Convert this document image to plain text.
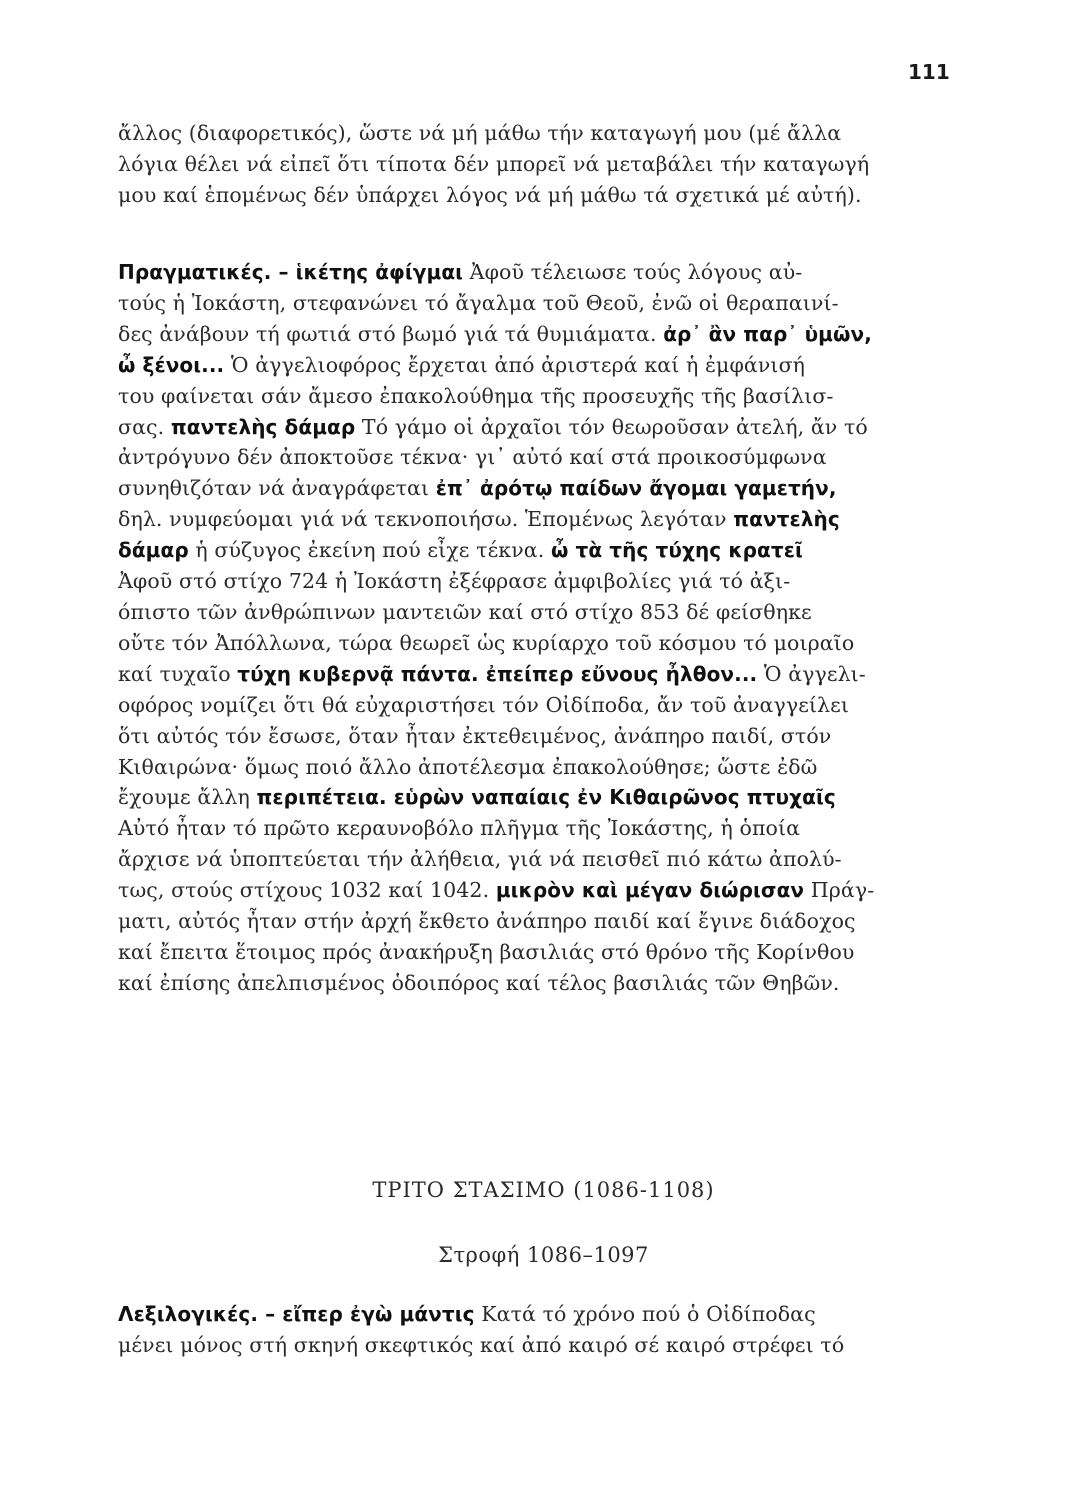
111
ἄλλος (διαφορετικός), ὥστε νά μή μάθω τήν καταγωγή μου (μέ ἄλλα
λόγια θέλει νά εἰπεῖ ὅτι τίποτα δέν μπορεῖ νά μεταβάλει τήν καταγωγή
μου καί ἑπομένως δέν ὑπάρχει λόγος νά μή μάθω τά σχετικά μέ αὐτή).
Πραγματικές. – ἱκέτης ἀφίγμαι Ἀφοῦ τέλειωσε τούς λόγους αὐ-
τούς ἡ Ἰοκάστη, στεφανώνει τό ἄγαλμα τοῦ Θεοῦ, ἐνῶ οἱ θεραπαινί-
δες ἀνάβουν τή φωτιά στό βωμό γιά τά θυμιάματα. ἀρ᾽ ἂν παρ᾽ ὑμῶν,
ὦ ξένοι... Ὁ ἀγγελιοφόρος ἔρχεται ἀπό ἀριστερά καί ἡ ἐμφάνισή
του φαίνεται σάν ἄμεσο ἐπακολούθημα τῆς προσευχῆς τῆς βασίλισ-
σας. παντελὴς δάμαρ Τό γάμο οἱ ἀρχαῖοι τόν θεωροῦσαν ἀτελή, ἄν τό
ἀντρόγυνο δέν ἀποκτοῦσε τέκνα· γι᾽ αὐτό καί στά προικοσύμφωνα
συνηθιζόταν νά ἀναγράφεται ἐπ᾽ ἀρότῳ παίδων ἄγομαι γαμετήν,
δηλ. νυμφεύομαι γιά νά τεκνοποιήσω. Ἑπομένως λεγόταν παντελὴς
δάμαρ ἡ σύζυγος ἐκείνη πού εἶχε τέκνα. ὦ τὰ τῆς τύχης κρατεῖ
Ἀφοῦ στό στίχο 724 ἡ Ἰοκάστη ἐξέφρασε ἀμφιβολίες γιά τό ἀξι-
όπιστο τῶν ἀνθρώπινων μαντειῶν καί στό στίχο 853 δέ φείσθηκε
οὔτε τόν Ἀπόλλωνα, τώρα θεωρεῖ ὡς κυρίαρχο τοῦ κόσμου τό μοιραῖο
καί τυχαῖο τύχη κυβερνᾷ πάντα. ἐπείπερ εὔνους ἦλθον... Ὁ ἀγγελι-
οφόρος νομίζει ὅτι θά εὐχαριστήσει τόν Οἰδίποδα, ἄν τοῦ ἀναγγείλει
ὅτι αὐτός τόν ἔσωσε, ὅταν ἦταν ἐκτεθειμένος, ἀνάπηρο παιδί, στόν
Κιθαιρώνα· ὅμως ποιό ἄλλο ἀποτέλεσμα ἐπακολούθησε; ὥστε ἐδῶ
ἔχουμε ἄλλη περιπέτεια. εὑρὼν ναπαίαις ἐν Κιθαιρῶνος πτυχαῖς
Αὐτό ἦταν τό πρῶτο κεραυνοβόλο πλῆγμα τῆς Ἰοκάστης, ἡ ὁποία
ἄρχισε νά ὑποπτεύεται τήν ἀλήθεια, γιά νά πεισθεῖ πιό κάτω ἀπολύ-
τως, στούς στίχους 1032 καί 1042. μικρὸν καὶ μέγαν διώρισαν Πράγ-
ματι, αὐτός ἦταν στήν ἀρχή ἔκθετο ἀνάπηρο παιδί καί ἔγινε διάδοχος
καί ἔπειτα ἕτοιμος πρός ἀνακήρυξη βασιλιάς στό θρόνο τῆς Κορίνθου
καί ἐπίσης ἀπελπισμένος ὁδοιπόρος καί τέλος βασιλιάς τῶν Θηβῶν.
ΤΡΙΤΟ ΣΤΑΣΙΜΟ (1086-1108)
Στροφή 1086–1097
Λεξιλογικές. – εἴπερ ἐγὼ μάντις Κατά τό χρόνο πού ὁ Οἰδίποδας
μένει μόνος στή σκηνή σκεφτικός καί ἀπό καιρό σέ καιρό στρέφει τό
